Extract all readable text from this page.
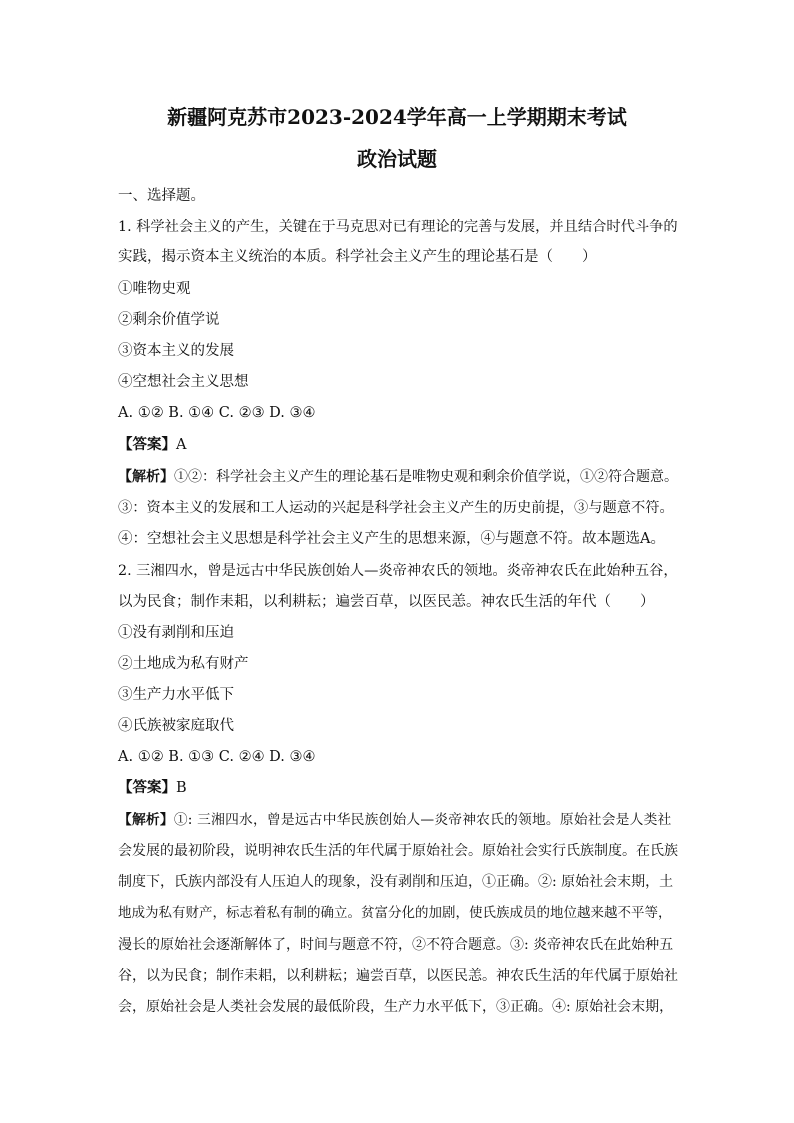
新疆阿克苏市2023-2024学年高一上学期期末考试
政治试题
一、选择题。
1. 科学社会主义的产生，关键在于马克思对已有理论的完善与发展，并且结合时代斗争的
实践，揭示资本主义统治的本质。科学社会主义产生的理论基石是（　　）
①唯物史观
②剩余价值学说
③资本主义的发展
④空想社会主义思想
A. ①② B. ①④ C. ②③ D. ③④
【答案】A
【解析】①②：科学社会主义产生的理论基石是唯物史观和剩余价值学说，①②符合题意。
③：资本主义的发展和工人运动的兴起是科学社会主义产生的历史前提，③与题意不符。
④：空想社会主义思想是科学社会主义产生的思想来源，④与题意不符。故本题选A。
2. 三湘四水，曾是远古中华民族创始人—炎帝神农氏的领地。炎帝神农氏在此始种五谷，
以为民食；制作耒耜，以利耕耘；遍尝百草，以医民恙。神农氏生活的年代（　　）
①没有剥削和压迫
②土地成为私有财产
③生产力水平低下
④氏族被家庭取代
A. ①② B. ①③ C. ②④ D. ③④
【答案】B
【解析】①: 三湘四水，曾是远古中华民族创始人—炎帝神农氏的领地。原始社会是人类社
会发展的最初阶段，说明神农氏生活的年代属于原始社会。原始社会实行氏族制度。在氏族
制度下，氏族内部没有人压迫人的现象，没有剥削和压迫，①正确。②: 原始社会末期，土
地成为私有财产，标志着私有制的确立。贫富分化的加剧，使氏族成员的地位越来越不平等，
漫长的原始社会逐渐解体了，时间与题意不符，②不符合题意。③: 炎帝神农氏在此始种五
谷，以为民食；制作耒耜，以利耕耘；遍尝百草，以医民恙。神农氏生活的年代属于原始社
会，原始社会是人类社会发展的最低阶段，生产力水平低下，③正确。④: 原始社会末期，
